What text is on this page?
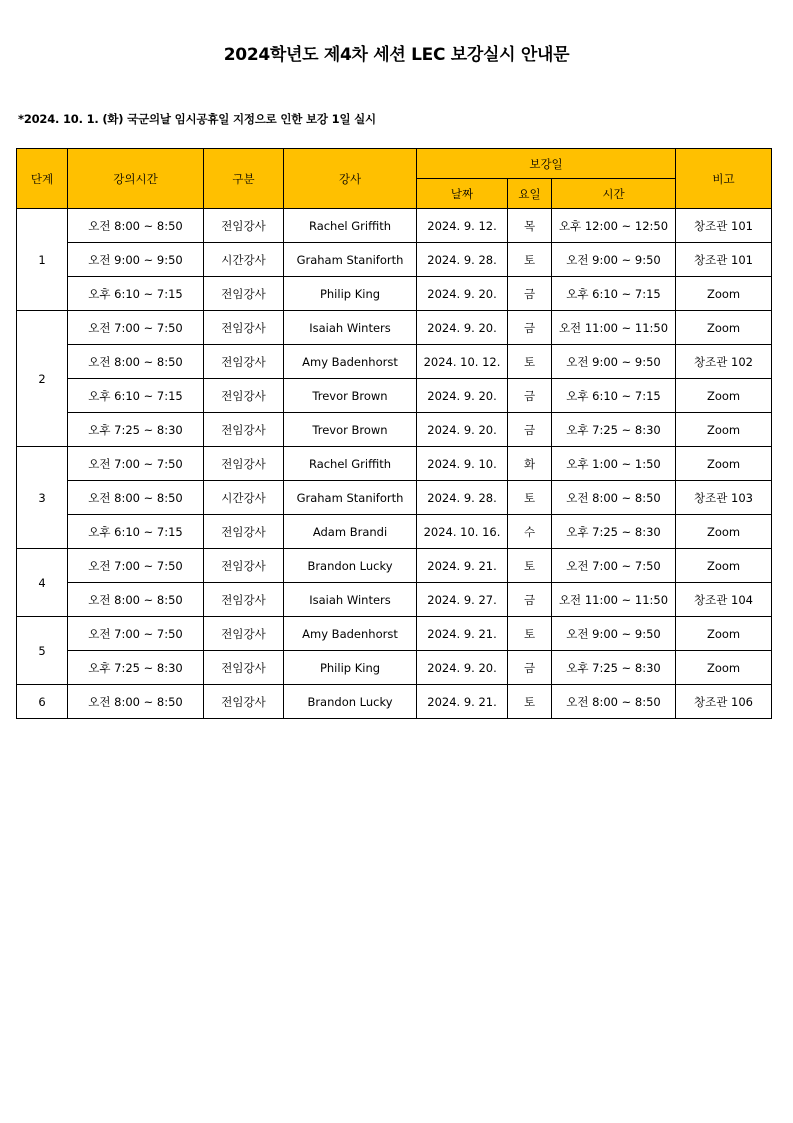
2024학년도 제4차 세션 LEC 보강실시 안내문
*2024. 10. 1. (화) 국군의날 임시공휴일 지정으로 인한 보강 1일 실시
단계	강의시간	구분	강사	보강일			비고
				날짜	요일	시간	
1	오전 8:00 ~ 8:50	전임강사	Rachel Griffith	2024. 9. 12.	목	오후 12:00 ~ 12:50	창조관 101
	오전 9:00 ~ 9:50	시간강사	Graham Staniforth	2024. 9. 28.	토	오전 9:00 ~ 9:50	창조관 101
	오후 6:10 ~ 7:15	전임강사	Philip King	2024. 9. 20.	금	오후 6:10 ~ 7:15	Zoom
2	오전 7:00 ~ 7:50	전임강사	Isaiah Winters	2024. 9. 20.	금	오전 11:00 ~ 11:50	Zoom
	오전 8:00 ~ 8:50	전임강사	Amy Badenhorst	2024. 10. 12.	토	오전 9:00 ~ 9:50	창조관 102
	오후 6:10 ~ 7:15	전임강사	Trevor Brown	2024. 9. 20.	금	오후 6:10 ~ 7:15	Zoom
	오후 7:25 ~ 8:30	전임강사	Trevor Brown	2024. 9. 20.	금	오후 7:25 ~ 8:30	Zoom
3	오전 7:00 ~ 7:50	전임강사	Rachel Griffith	2024. 9. 10.	화	오후 1:00 ~ 1:50	Zoom
	오전 8:00 ~ 8:50	시간강사	Graham Staniforth	2024. 9. 28.	토	오전 8:00 ~ 8:50	창조관 103
	오후 6:10 ~ 7:15	전임강사	Adam Brandi	2024. 10. 16.	수	오후 7:25 ~ 8:30	Zoom
4	오전 7:00 ~ 7:50	전임강사	Brandon Lucky	2024. 9. 21.	토	오전 7:00 ~ 7:50	Zoom
	오전 8:00 ~ 8:50	전임강사	Isaiah Winters	2024. 9. 27.	금	오전 11:00 ~ 11:50	창조관 104
5	오전 7:00 ~ 7:50	전임강사	Amy Badenhorst	2024. 9. 21.	토	오전 9:00 ~ 9:50	Zoom
	오후 7:25 ~ 8:30	전임강사	Philip King	2024. 9. 20.	금	오후 7:25 ~ 8:30	Zoom
6	오전 8:00 ~ 8:50	전임강사	Brandon Lucky	2024. 9. 21.	토	오전 8:00 ~ 8:50	창조관 106
